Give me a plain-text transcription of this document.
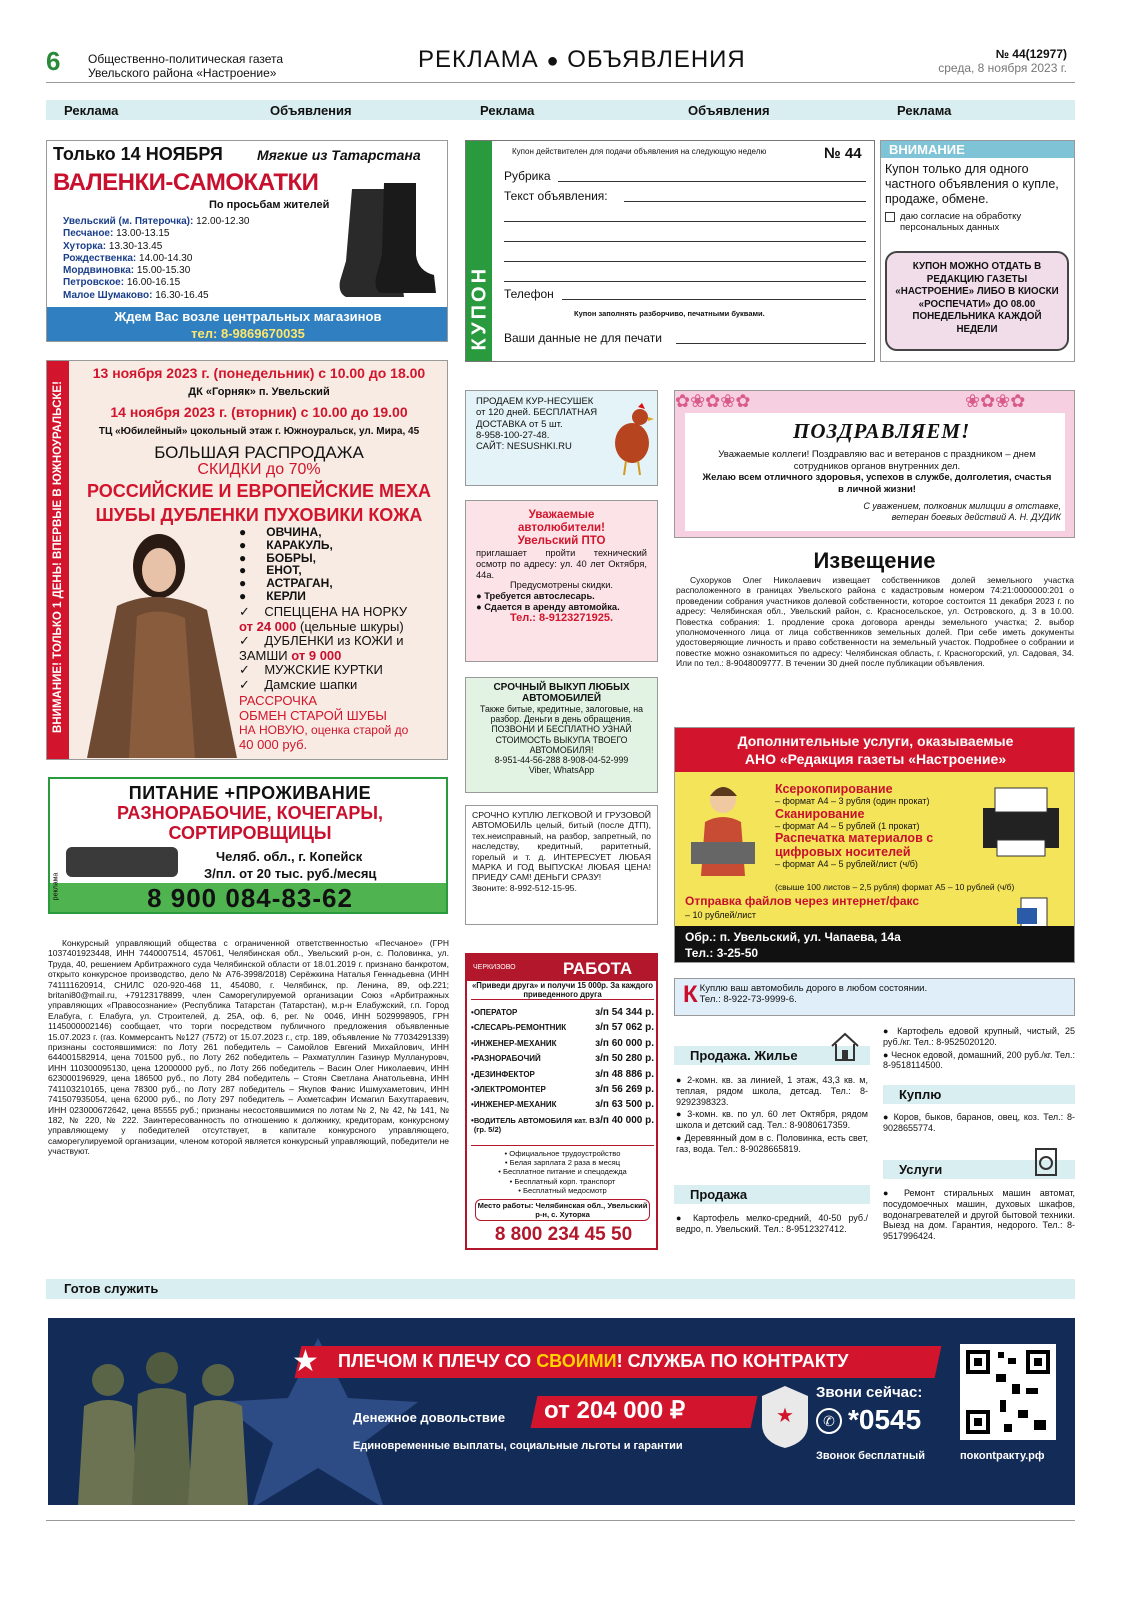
6 Общественно-политическая газета
Увельского района «Настроение»	РЕКЛАМА ● ОБЪЯВЛЕНИЯ	№ 44(12977)
среда, 8 ноября 2023 г.
Реклама	Объявления	Реклама	Объявления	Реклама
Только 14 НОЯБРЯ Мягкие из Татарстана
ВАЛЕНКИ-САМОКАТКИ
По просьбам жителей
Увельский (м. Пятерочка): 12.00-12.30
Песчаное: 13.00-13.15
Хуторка: 13.30-13.45
Рождественка: 14.00-14.30
Мордвиновка: 15.00-15.30
Петровское: 16.00-16.15
Малое Шумаково: 16.30-16.45
Ждем Вас возле центральных магазинов
тел: 8-9869670035	КУПОН
Купон действителен для подачи объявления на следующую неделю	№ 44
Рубрика
Текст объявления:
Телефон
Купон заполнять разборчиво, печатными буквами.
Ваши данные не для печати
ВНИМАНИЕ
Купон только для одного частного объявления о купле, продаже, обмене.
даю согласие на обработку персональных данных
КУПОН МОЖНО ОТДАТЬ В РЕДАКЦИЮ ГАЗЕТЫ «НАСТРОЕНИЕ» ЛИБО В КИОСКИ «РОСПЕЧАТИ» ДО 08.00 ПОНЕДЕЛЬНИКА КАЖДОЙ НЕДЕЛИ
ВНИМАНИЕ! ТОЛЬКО 1 ДЕНЬ! ВПЕРВЫЕ В ЮЖНОУРАЛЬСКЕ!
13 ноября 2023 г. (понедельник) с 10.00 до 18.00
ДК «Горняк» п. Увельский
14 ноября 2023 г. (вторник) с 10.00 до 19.00
ТЦ «Юбилейный» цокольный этаж г. Южноуральск, ул. Мира, 45
БОЛЬШАЯ РАСПРОДАЖА
СКИДКИ до 70%
РОССИЙСКИЕ И ЕВРОПЕЙСКИЕ МЕХА
ШУБЫ ДУБЛЕНКИ ПУХОВИКИ КОЖА
●      ОВЧИНА,
●      КАРАКУЛЬ,
●      БОБРЫ,
●      ЕНОТ,
●      АСТРАГАН,
●      КЕРЛИ
✓    СПЕЦЦЕНА НА НОРКУ
от 24 000 (цельные шкуры)
✓    ДУБЛЕНКИ из КОЖИ и
ЗАМШИ от 9 000
✓    МУЖСКИЕ КУРТКИ
✓    Дамские шапки
РАССРОЧКА
ОБМЕН СТАРОЙ ШУБЫ
НА НОВУЮ, оценка старой до
40 000 руб.
ПРОДАЕМ КУР-НЕСУШЕК от 120 дней. БЕСПЛАТНАЯ ДОСТАВКА от 5 шт.
8-958-100-27-48.
САЙТ: NESUSHKI.RU
✿❀✿❀✿	❀✿❀✿
ПОЗДРАВЛЯЕМ!
Уважаемые коллеги! Поздравляю вас и ветеранов с праздником – днем сотрудников органов внутренних дел.
Желаю всем отличного здоровья, успехов в службе, долголетия, счастья в личной жизни!
С уважением, полковник милиции в отставке,
ветеран боевых действий А. Н. ДУДИК
Уважаемые автолюбители! Увельский ПТО
приглашает пройти технический осмотр по адресу: ул. 40 лет Октября, 44а.
Предусмотрены скидки.
● Требуется автослесарь.
● Сдается в аренду автомойка.
Тел.: 8-9123271925.
Извещение
Сухоруков Олег Николаевич извещает собственников долей земельного участка расположенного в границах Увельского района с кадастровым номером 74:21:0000000:201 о проведении собрания участников долевой собственности, которое состоится 11 декабря 2023 г. по адресу: Челябинская обл., Увельский район, с. Красносельское, ул. Островского, д. 3 в 10.00. Повестка собрания: 1. продление срока договора аренды земельного участка; 2. выбор уполномоченного лица от лица собственников земельных долей. При себе иметь документы удостоверяющие личность и право собственности на земельный участок. Подробнее о собрании и повестке можно ознакомиться по адресу: Челябинская область, г. Красногорский, ул. Садовая, 34. Или по тел.: 8-9048009777. В течении 30 дней после публикации объявления.
СРОЧНЫЙ ВЫКУП ЛЮБЫХ АВТОМОБИЛЕЙ
Также битые, кредитные, залоговые, на разбор. Деньги в день обращения. ПОЗВОНИ И БЕСПЛАТНО УЗНАЙ СТОИМОСТЬ ВЫКУПА ТВОЕГО АВТОМОБИЛЯ!
8-951-44-56-288 8-908-04-52-999
Viber, WhatsApp
Дополнительные услуги, оказываемые
АНО «Редакция газеты «Настроение»
Ксерокопирование
– формат А4 – 3 рубля (один прокат)
Сканирование
– формат А4 – 5 рублей (1 прокат)
Распечатка материалов с цифровых носителей
– формат А4 – 5 рублей/лист (ч/б)
(свыше 100 листов – 2,5 рубля) формат А5 – 10 рублей (ч/б)
Отправка файлов через интернет/факс
– 10 рублей/лист
Обр.: п. Увельский, ул. Чапаева, 14а
Тел.: 3-25-50
ПИТАНИЕ +ПРОЖИВАНИЕ
РАЗНОРАБОЧИЕ, КОЧЕГАРЫ,
СОРТИРОВЩИЦЫ
Челяб. обл., г. Копейск
З/пл. от 20 тыс. руб./месяц
8 900 084-83-62
реклама
СРОЧНО КУПЛЮ ЛЕГКОВОЙ И ГРУЗОВОЙ АВТОМОБИЛЬ целый, битый (после ДТП), тех.неисправный, на разбор, запретный, по наследству, кредитный, раритетный, горелый и т. д. ИНТЕРЕСУЕТ ЛЮБАЯ МАРКА И ГОД ВЫПУСКА! ЛЮБАЯ ЦЕНА! ПРИЕДУ САМ! ДЕНЬГИ СРАЗУ!
Звоните: 8-992-512-15-95.
Конкурсный управляющий общества с ограниченной ответственностью «Песчаное» (ГРН 1037401923448, ИНН 7440007514, 457061, Челябинская обл., Увельский р-он, с. Половинка, ул. Труда, 40, решением Арбитражного суда Челябинской области от 18.01.2019 г. признано банкротом, открыто конкурсное производство, дело № А76-3998/2018) Серёжкина Наталья Геннадьевна (ИНН 741111620914, СНИЛС 020-920-468 11, 454080, г. Челябинск, пр. Ленина, 89, оф.221; britani80@mail.ru, +79123178899, член Саморегулируемой организации Союз «Арбитражных управляющих «Правосознание» (Республика Татарстан (Татарстан), м.р-н Елабужский, г.п. Город Елабуга, г. Елабуга, ул. Строителей, д. 25А, оф. 6, рег. № 0046, ИНН 5029998905, ГРН 1145000002146) сообщает, что торги посредством публичного предложения объявленные 15.07.2023 г. (газ. Коммерсантъ №127 (7572) от 15.07.2023 г., стр. 189, объявление № 77034291339) признаны состоявшимися: по Лоту 261 победитель – Самойлов Евгений Михайлович, ИНН 644001582914, цена 701500 руб., по Лоту 262 победитель – Рахматуллин Газинур Муллануровч, ИНН 110300095130, цена 12000000 руб., по Лоту 266 победитель – Васин Олег Николаевич, ИНН 623000196929, цена 186500 руб., по Лоту 284 победитель – Стоян Светлана Анатольевна, ИНН 741103210165, цена 78300 руб., по Лоту 287 победитель – Якупов Фанис Ишмухаметович, ИНН 741507935054, цена 62000 руб., по Лоту 297 победитель – Ахметсафин Исмагил Бахутгараевич, ИНН 023000672642, цена 85555 руб.; признаны несостоявшимися по лотам № 2, № 42, № 141, № 182, № 220, № 222. Заинтересованность по отношению к должнику, кредиторам, конкурсному управляющему у победителей отсутствует, в капитале конкурсного управляющего, саморегулируемой организации, членом которой является конкурсный управляющий, победители не участвуют.
ЧЕРКИЗОВО	РАБОТА
«Приведи друга» и получи 15 000р. За каждого приведенного друга
• ОПЕРАТОР	з/п 54 344 р.
• СЛЕСАРЬ-РЕМОНТНИК	з/п 57 062 р.
• ИНЖЕНЕР-МЕХАНИК	з/п 60 000 р.
• РАЗНОРАБОЧИЙ	з/п 50 280 р.
• ДЕЗИНФЕКТОР	з/п 48 886 р.
• ЭЛЕКТРОМОНТЕР	з/п 56 269 р.
• ИНЖЕНЕР-МЕХАНИК	з/п 63 500 р.
• ВОДИТЕЛЬ АВТОМОБИЛЯ кат. В (гр. 5/2)
з/п 40 000 р.
• Официальное трудоустройство
• Белая зарплата 2 раза в месяц
• Бесплатное питание и спецодежда
• Бесплатный корп. транспорт
• Бесплатный медосмотр
Место работы: Челябинская обл., Увельский р-н, с. Хуторка
8 800 234 45 50
К Куплю ваш автомобиль дорого в любом состоянии.
Тел.: 8-922-73-9999-6.
Продажа. Жилье
● 2-комн. кв. за линией, 1 этаж, 43,3 кв. м, теплая, рядом школа, детсад. Тел.: 8-9292398323.
● 3-комн. кв. по ул. 60 лет Октября, рядом школа и детский сад. Тел.: 8-9080617359.
● Деревянный дом в с. Половинка, есть свет, газ, вода. Тел.: 8-9028665819.
Продажа
● Картофель мелко-средний, 40-50 руб./ведро, п. Увельский. Тел.: 8-9512327412.
● Картофель едовой крупный, чистый, 25 руб./кг. Тел.: 8-9525020120.
● Чеснок едовой, домашний, 200 руб./кг. Тел.: 8-9518114500.
Куплю
● Коров, быков, баранов, овец, коз. Тел.: 8-9028655774.
Услуги
● Ремонт стиральных машин автомат, посудомоечных машин, духовых шкафов, водонагревателей и другой бытовой техники. Выезд на дом. Гарантия, недорого. Тел.: 8-9517996424.
Готов служить
ПЛЕЧОМ К ПЛЕЧУ СО СВОИМИ! СЛУЖБА ПО КОНТРАКТУ
★
Денежное довольствие от 204 000 ₽
Единовременные выплаты, социальные льготы и гарантии
★
Звони сейчас:
✆ *0545
Звонок бесплатный	покontракту.рф
